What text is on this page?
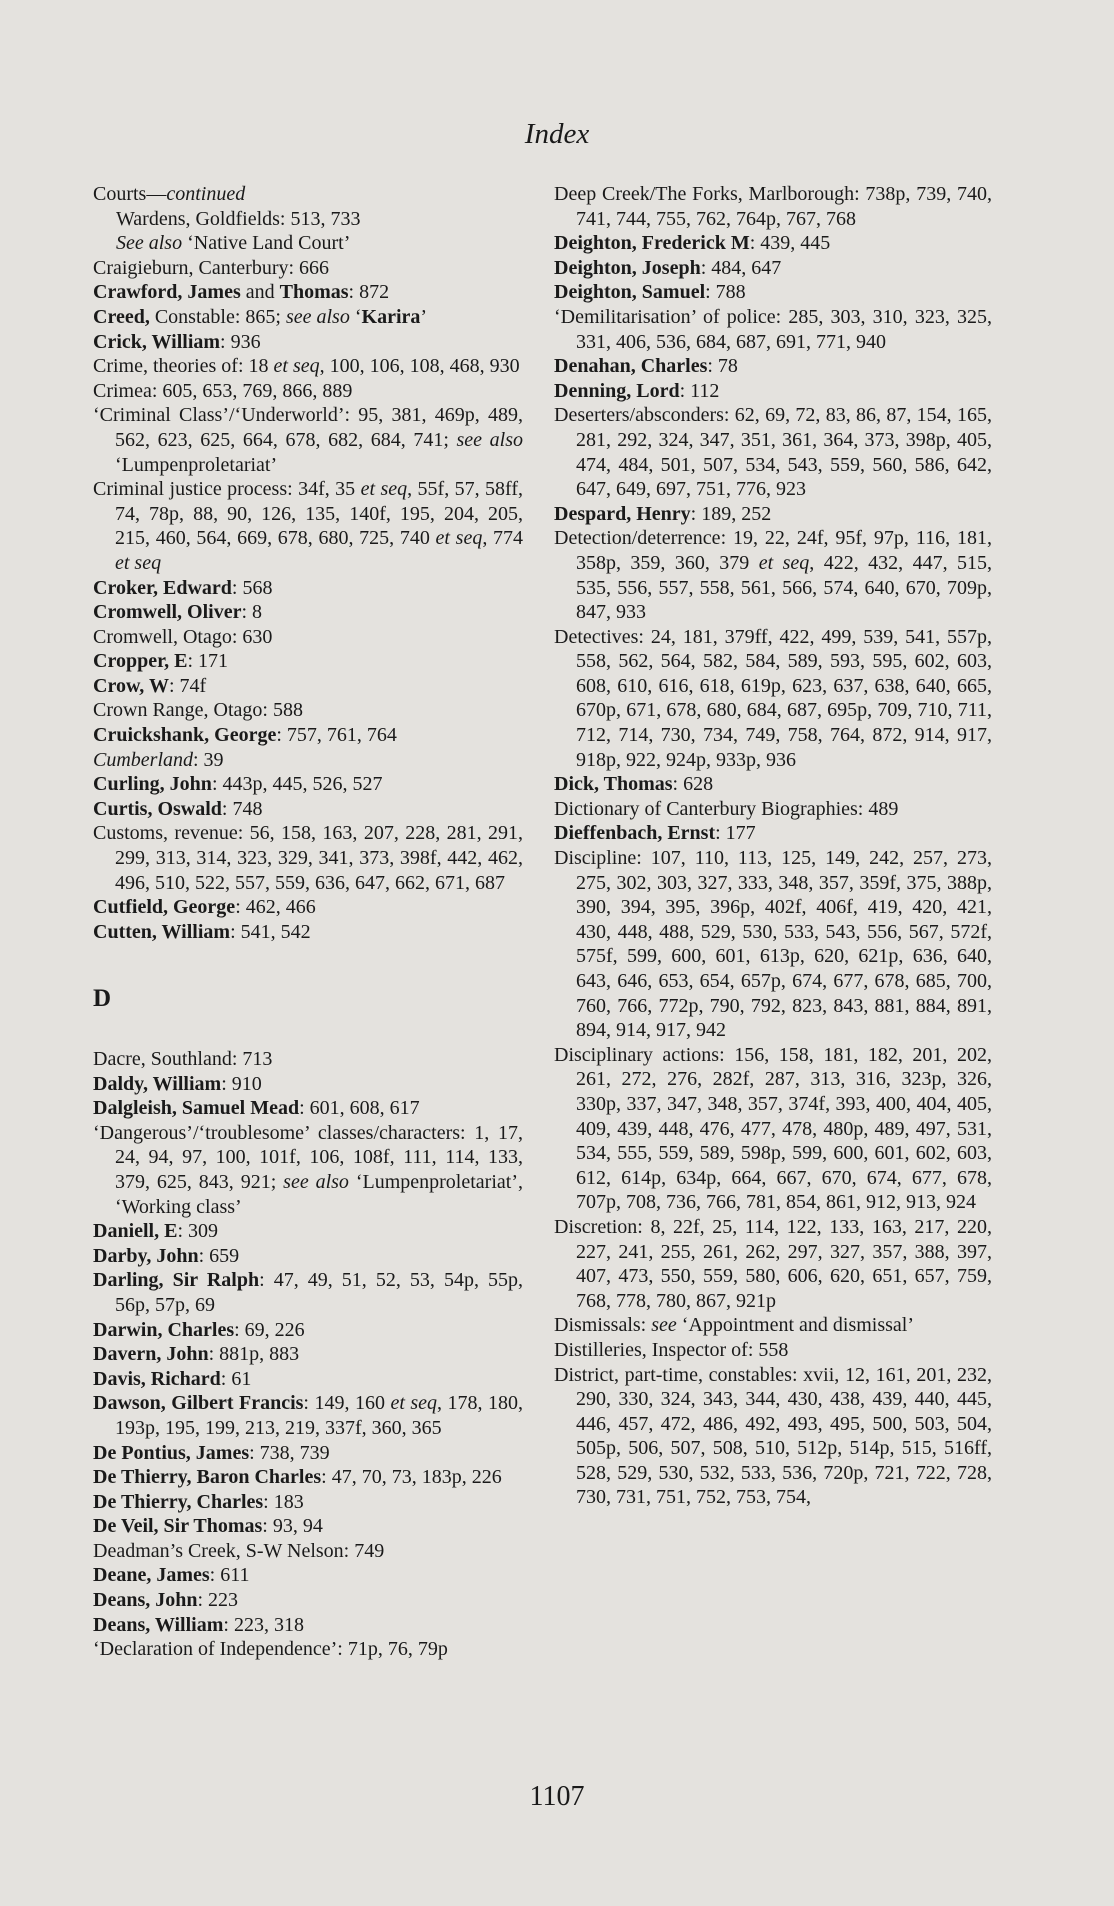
Index
Courts—continued
Wardens, Goldfields: 513, 733
See also ‘Native Land Court’
Craigieburn, Canterbury: 666
Crawford, James and Thomas: 872
Creed, Constable: 865; see also ‘Karira’
Crick, William: 936
Crime, theories of: 18 et seq, 100, 106, 108, 468, 930
Crimea: 605, 653, 769, 866, 889
‘Criminal Class’/‘Underworld’: 95, 381, 469p, 489, 562, 623, 625, 664, 678, 682, 684, 741; see also ‘Lumpenproletariat’
Criminal justice process: 34f, 35 et seq, 55f, 57, 58ff, 74, 78p, 88, 90, 126, 135, 140f, 195, 204, 205, 215, 460, 564, 669, 678, 680, 725, 740 et seq, 774 et seq
Croker, Edward: 568
Cromwell, Oliver: 8
Cromwell, Otago: 630
Cropper, E: 171
Crow, W: 74f
Crown Range, Otago: 588
Cruickshank, George: 757, 761, 764
Cumberland: 39
Curling, John: 443p, 445, 526, 527
Curtis, Oswald: 748
Customs, revenue: 56, 158, 163, 207, 228, 281, 291, 299, 313, 314, 323, 329, 341, 373, 398f, 442, 462, 496, 510, 522, 557, 559, 636, 647, 662, 671, 687
Cutfield, George: 462, 466
Cutten, William: 541, 542
D
Dacre, Southland: 713
Daldy, William: 910
Dalgleish, Samuel Mead: 601, 608, 617
‘Dangerous’/‘troublesome’ classes/characters: 1, 17, 24, 94, 97, 100, 101f, 106, 108f, 111, 114, 133, 379, 625, 843, 921; see also ‘Lumpenproletariat’, ‘Working class’
Daniell, E: 309
Darby, John: 659
Darling, Sir Ralph: 47, 49, 51, 52, 53, 54p, 55p, 56p, 57p, 69
Darwin, Charles: 69, 226
Davern, John: 881p, 883
Davis, Richard: 61
Dawson, Gilbert Francis: 149, 160 et seq, 178, 180, 193p, 195, 199, 213, 219, 337f, 360, 365
De Pontius, James: 738, 739
De Thierry, Baron Charles: 47, 70, 73, 183p, 226
De Thierry, Charles: 183
De Veil, Sir Thomas: 93, 94
Deadman’s Creek, S-W Nelson: 749
Deane, James: 611
Deans, John: 223
Deans, William: 223, 318
‘Declaration of Independence’: 71p, 76, 79p
Deep Creek/The Forks, Marlborough: 738p, 739, 740, 741, 744, 755, 762, 764p, 767, 768
Deighton, Frederick M: 439, 445
Deighton, Joseph: 484, 647
Deighton, Samuel: 788
‘Demilitarisation’ of police: 285, 303, 310, 323, 325, 331, 406, 536, 684, 687, 691, 771, 940
Denahan, Charles: 78
Denning, Lord: 112
Deserters/absconders: 62, 69, 72, 83, 86, 87, 154, 165, 281, 292, 324, 347, 351, 361, 364, 373, 398p, 405, 474, 484, 501, 507, 534, 543, 559, 560, 586, 642, 647, 649, 697, 751, 776, 923
Despard, Henry: 189, 252
Detection/deterrence: 19, 22, 24f, 95f, 97p, 116, 181, 358p, 359, 360, 379 et seq, 422, 432, 447, 515, 535, 556, 557, 558, 561, 566, 574, 640, 670, 709p, 847, 933
Detectives: 24, 181, 379ff, 422, 499, 539, 541, 557p, 558, 562, 564, 582, 584, 589, 593, 595, 602, 603, 608, 610, 616, 618, 619p, 623, 637, 638, 640, 665, 670p, 671, 678, 680, 684, 687, 695p, 709, 710, 711, 712, 714, 730, 734, 749, 758, 764, 872, 914, 917, 918p, 922, 924p, 933p, 936
Dick, Thomas: 628
Dictionary of Canterbury Biographies: 489
Dieffenbach, Ernst: 177
Discipline: 107, 110, 113, 125, 149, 242, 257, 273, 275, 302, 303, 327, 333, 348, 357, 359f, 375, 388p, 390, 394, 395, 396p, 402f, 406f, 419, 420, 421, 430, 448, 488, 529, 530, 533, 543, 556, 567, 572f, 575f, 599, 600, 601, 613p, 620, 621p, 636, 640, 643, 646, 653, 654, 657p, 674, 677, 678, 685, 700, 760, 766, 772p, 790, 792, 823, 843, 881, 884, 891, 894, 914, 917, 942
Disciplinary actions: 156, 158, 181, 182, 201, 202, 261, 272, 276, 282f, 287, 313, 316, 323p, 326, 330p, 337, 347, 348, 357, 374f, 393, 400, 404, 405, 409, 439, 448, 476, 477, 478, 480p, 489, 497, 531, 534, 555, 559, 589, 598p, 599, 600, 601, 602, 603, 612, 614p, 634p, 664, 667, 670, 674, 677, 678, 707p, 708, 736, 766, 781, 854, 861, 912, 913, 924
Discretion: 8, 22f, 25, 114, 122, 133, 163, 217, 220, 227, 241, 255, 261, 262, 297, 327, 357, 388, 397, 407, 473, 550, 559, 580, 606, 620, 651, 657, 759, 768, 778, 780, 867, 921p
Dismissals: see ‘Appointment and dismissal’
Distilleries, Inspector of: 558
District, part-time, constables: xvii, 12, 161, 201, 232, 290, 330, 324, 343, 344, 430, 438, 439, 440, 445, 446, 457, 472, 486, 492, 493, 495, 500, 503, 504, 505p, 506, 507, 508, 510, 512p, 514p, 515, 516ff, 528, 529, 530, 532, 533, 536, 720p, 721, 722, 728, 730, 731, 751, 752, 753, 754,
1107
